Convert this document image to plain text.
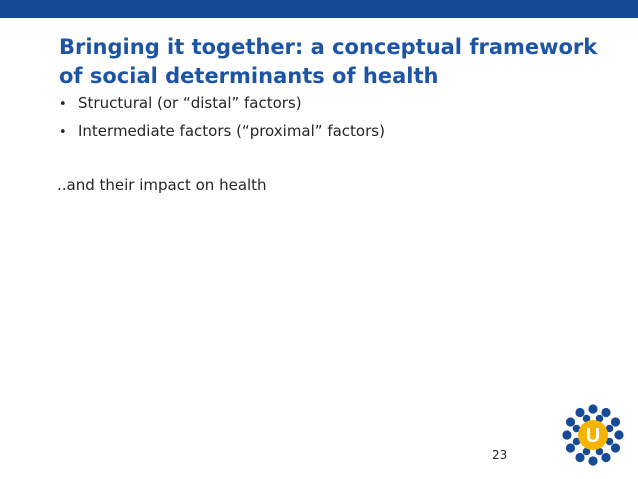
Bringing it together: a conceptual framework
of social determinants of health
• Structural (or “distal” factors)
• Intermediate factors (“proximal” factors)

..and their impact on health

23
U
